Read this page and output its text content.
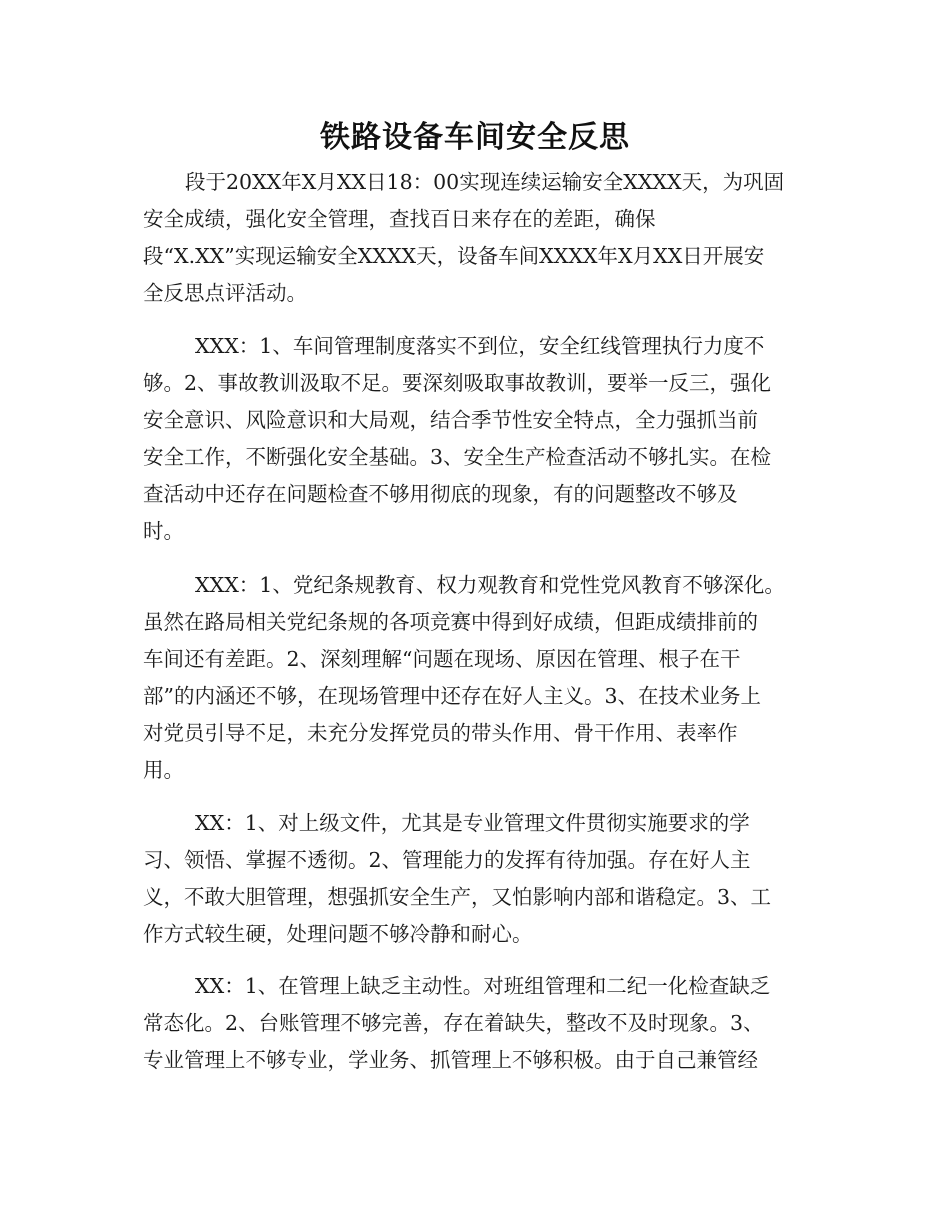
铁路设备车间安全反思
段于20XX年X月XX日18：00实现连续运输安全XXXX天，为巩固
安全成绩，强化安全管理，查找百日来存在的差距，确保
段“X.XX”实现运输安全XXXX天，设备车间XXXX年X月XX日开展安
全反思点评活动。
XXX：1、车间管理制度落实不到位，安全红线管理执行力度不
够。2、事故教训汲取不足。要深刻吸取事故教训，要举一反三，强化
安全意识、风险意识和大局观，结合季节性安全特点，全力强抓当前
安全工作，不断强化安全基础。3、安全生产检查活动不够扎实。在检
查活动中还存在问题检查不够用彻底的现象，有的问题整改不够及
时。
XXX：1、党纪条规教育、权力观教育和党性党风教育不够深化。
虽然在路局相关党纪条规的各项竞赛中得到好成绩，但距成绩排前的
车间还有差距。2、深刻理解“问题在现场、原因在管理、根子在干
部”的内涵还不够，在现场管理中还存在好人主义。3、在技术业务上
对党员引导不足，未充分发挥党员的带头作用、骨干作用、表率作
用。
XX：1、对上级文件，尤其是专业管理文件贯彻实施要求的学
习、领悟、掌握不透彻。2、管理能力的发挥有待加强。存在好人主
义，不敢大胆管理，想强抓安全生产，又怕影响内部和谐稳定。3、工
作方式较生硬，处理问题不够冷静和耐心。
XX：1、在管理上缺乏主动性。对班组管理和二纪一化检查缺乏
常态化。2、台账管理不够完善，存在着缺失，整改不及时现象。3、
专业管理上不够专业，学业务、抓管理上不够积极。由于自己兼管经
